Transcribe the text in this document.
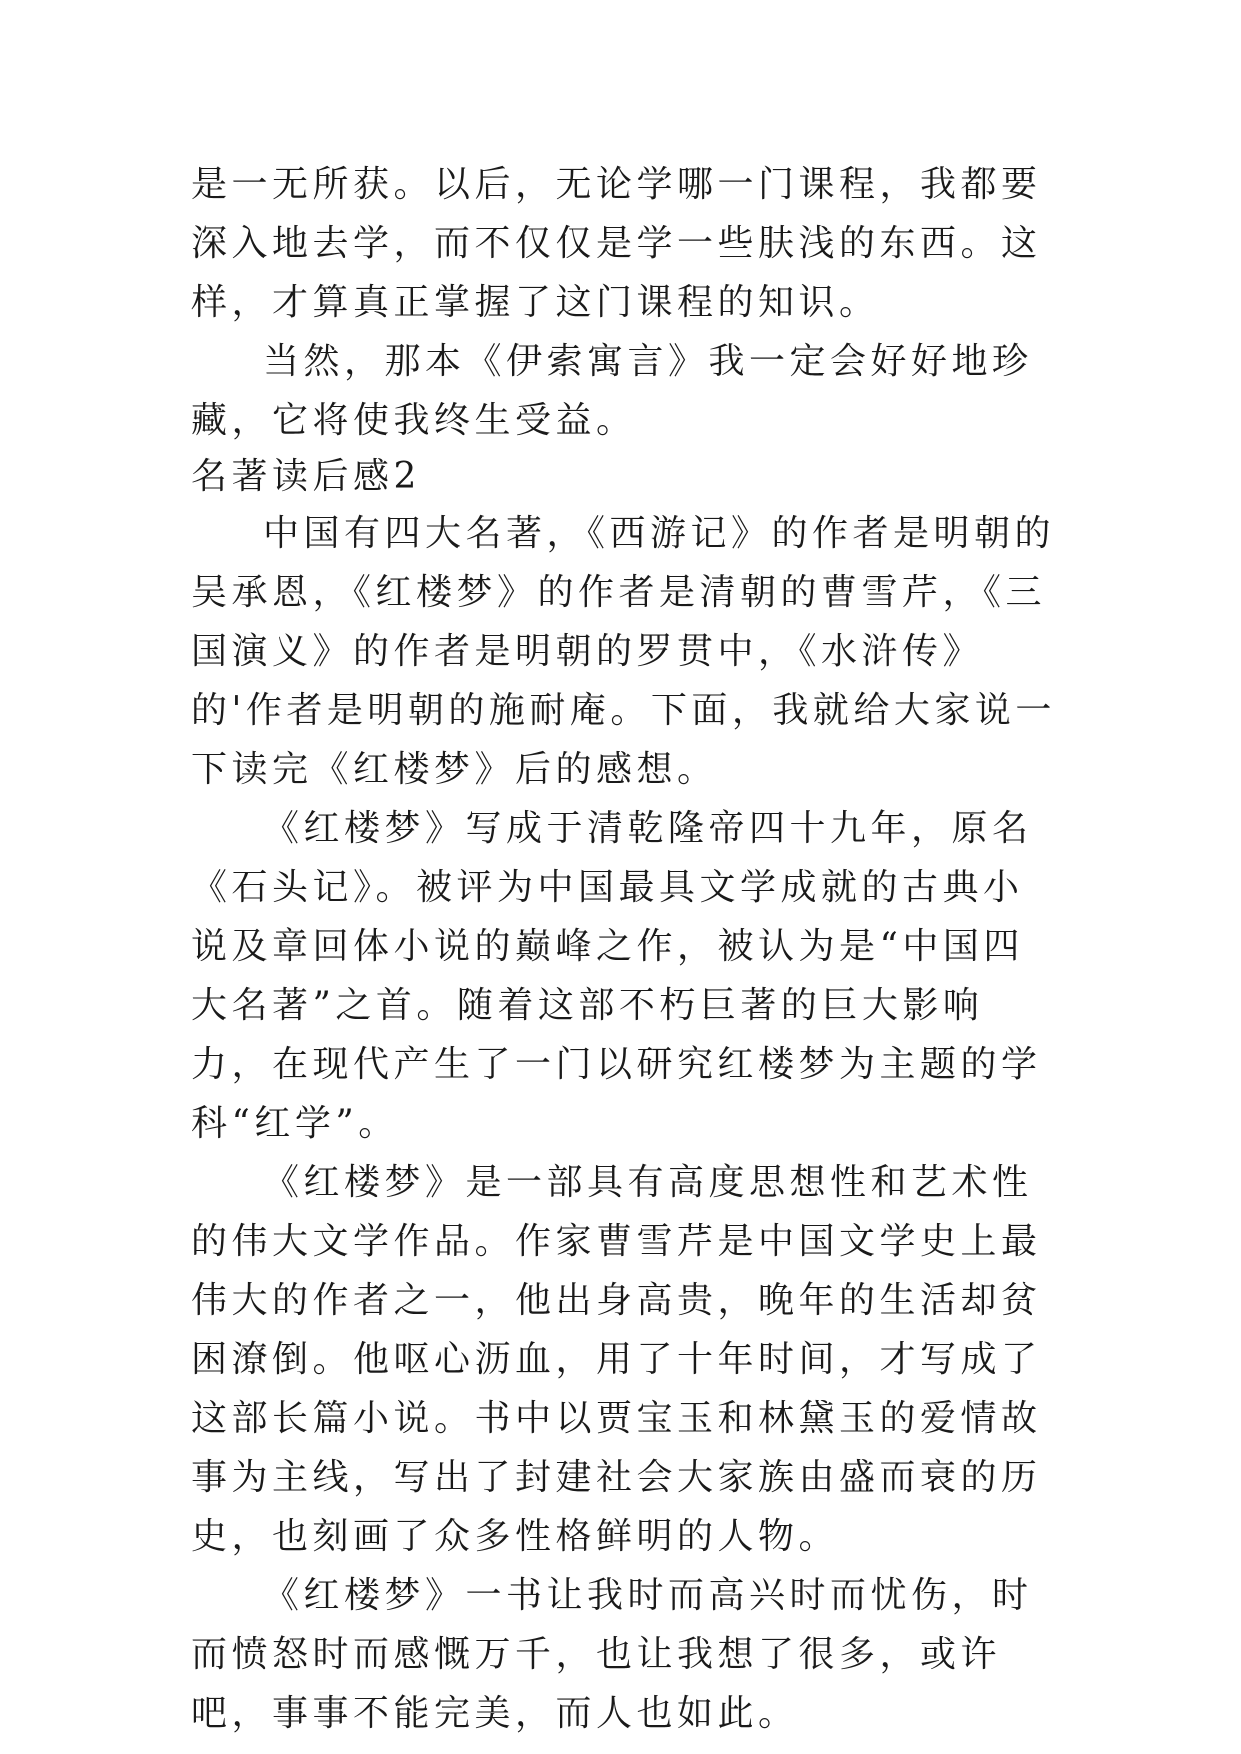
是一无所获。以后，无论学哪一门课程，我都要深入地去学，而不仅仅是学一些肤浅的东西。这样，才算真正掌握了这门课程的知识。

当然，那本《伊索寓言》我一定会好好地珍藏，它将使我终生受益。

名著读后感2

中国有四大名著，《西游记》的作者是明朝的吴承恩，《红楼梦》的作者是清朝的曹雪芹，《三国演义》的作者是明朝的罗贯中，《水浒传》的'作者是明朝的施耐庵。下面，我就给大家说一下读完《红楼梦》后的感想。

《红楼梦》写成于清乾隆帝四十九年，原名《石头记》。被评为中国最具文学成就的古典小说及章回体小说的巅峰之作，被认为是“中国四大名著”之首。随着这部不朽巨著的巨大影响力，在现代产生了一门以研究红楼梦为主题的学科“红学”。

《红楼梦》是一部具有高度思想性和艺术性的伟大文学作品。作家曹雪芹是中国文学史上最伟大的作者之一，他出身高贵，晚年的生活却贫困潦倒。他呕心沥血，用了十年时间，才写成了这部长篇小说。书中以贾宝玉和林黛玉的爱情故事为主线，写出了封建社会大家族由盛而衰的历史，也刻画了众多性格鲜明的人物。

《红楼梦》一书让我时而高兴时而忧伤，时而愤怒时而感慨万千，也让我想了很多，或许吧，事事不能完美，而人也如此。
